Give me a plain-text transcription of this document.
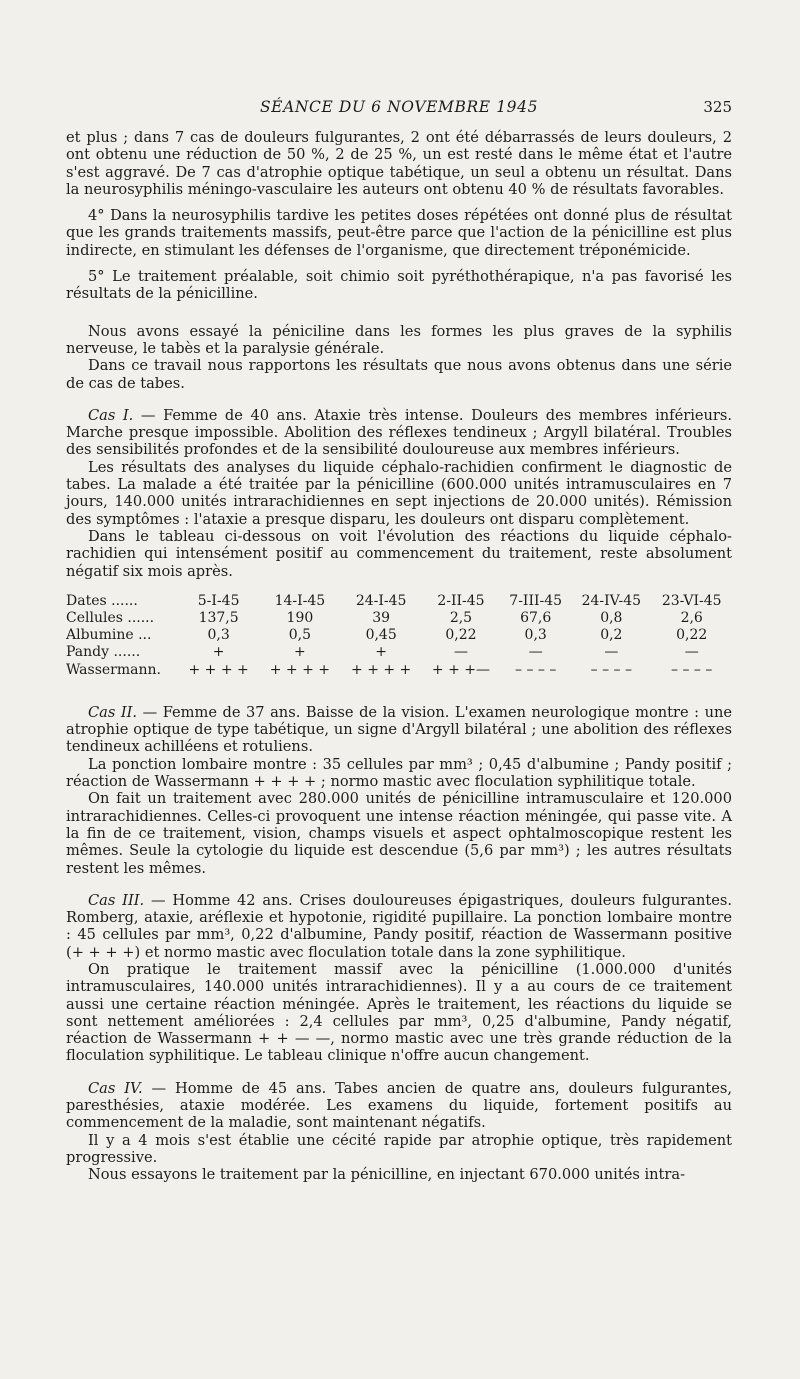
SÉANCE DU 6 NOVEMBRE 1945	325

et plus ; dans 7 cas de douleurs fulgurantes, 2 ont été débarrassés de leurs douleurs, 2 ont obtenu une réduction de 50 %, 2 de 25 %, un est resté dans le même état et l'autre s'est aggravé. De 7 cas d'atrophie optique tabétique, un seul a obtenu un résultat. Dans la neurosyphilis méningo-vasculaire les auteurs ont obtenu 40 % de résultats favorables.

4° Dans la neurosyphilis tardive les petites doses répétées ont donné plus de résultat que les grands traitements massifs, peut-être parce que l'action de la pénicilline est plus indirecte, en stimulant les défenses de l'organisme, que directement tréponémicide.

5° Le traitement préalable, soit chimio soit pyréthothérapique, n'a pas favorisé les résultats de la pénicilline.

Nous avons essayé la péniciline dans les formes les plus graves de la syphilis nerveuse, le tabès et la paralysie générale.

Dans ce travail nous rapportons les résultats que nous avons obtenus dans une série de cas de tabes.

Cas I. — Femme de 40 ans. Ataxie très intense. Douleurs des membres inférieurs. Marche presque impossible. Abolition des réflexes tendineux ; Argyll bilatéral. Troubles des sensibilités profondes et de la sensibilité douloureuse aux membres inférieurs.

Les résultats des analyses du liquide céphalo-rachidien confirment le diagnostic de tabes. La malade a été traitée par la pénicilline (600.000 unités intramusculaires en 7 jours, 140.000 unités intrarachidiennes en sept injections de 20.000 unités). Rémission des symptômes : l'ataxie a presque disparu, les douleurs ont disparu complètement.

Dans le tableau ci-dessous on voit l'évolution des réactions du liquide céphalo-rachidien qui intensément positif au commencement du traitement, reste absolument négatif six mois après.

Dates ......	5-I-45	14-I-45	24-I-45	2-II-45	7-III-45	24-IV-45	23-VI-45
Cellules ......	137,5	190	39	2,5	67,6	0,8	2,6
Albumine ...	0,3	0,5	0,45	0,22	0,3	0,2	0,22
Pandy ......	+	+	+	—	—	—	—
Wassermann.	+ + + +	+ + + +	+ + + +	+ + +—	– – – –	– – – –	– – – –

Cas II. — Femme de 37 ans. Baisse de la vision. L'examen neurologique montre : une atrophie optique de type tabétique, un signe d'Argyll bilatéral ; une abolition des réflexes tendineux achilléens et rotuliens.

La ponction lombaire montre : 35 cellules par mm³ ; 0,45 d'albumine ; Pandy positif ; réaction de Wassermann + + + + ; normo mastic avec floculation syphilitique totale.

On fait un traitement avec 280.000 unités de pénicilline intramusculaire et 120.000 intrarachidiennes. Celles-ci provoquent une intense réaction méningée, qui passe vite. A la fin de ce traitement, vision, champs visuels et aspect ophtalmoscopique restent les mêmes. Seule la cytologie du liquide est descendue (5,6 par mm³) ; les autres résultats restent les mêmes.

Cas III. — Homme 42 ans. Crises douloureuses épigastriques, douleurs fulgurantes. Romberg, ataxie, aréflexie et hypotonie, rigidité pupillaire. La ponction lombaire montre : 45 cellules par mm³, 0,22 d'albumine, Pandy positif, réaction de Wassermann positive (+ + + +) et normo mastic avec floculation totale dans la zone syphilitique.

On pratique le traitement massif avec la pénicilline (1.000.000 d'unités intramusculaires, 140.000 unités intrarachidiennes). Il y a au cours de ce traitement aussi une certaine réaction méningée. Après le traitement, les réactions du liquide se sont nettement améliorées : 2,4 cellules par mm³, 0,25 d'albumine, Pandy négatif, réaction de Wassermann + + — —, normo mastic avec une très grande réduction de la floculation syphilitique. Le tableau clinique n'offre aucun changement.

Cas IV. — Homme de 45 ans. Tabes ancien de quatre ans, douleurs fulgurantes, paresthésies, ataxie modérée. Les examens du liquide, fortement positifs au commencement de la maladie, sont maintenant négatifs.

Il y a 4 mois s'est établie une cécité rapide par atrophie optique, très rapidement progressive.

Nous essayons le traitement par la pénicilline, en injectant 670.000 unités intra-
